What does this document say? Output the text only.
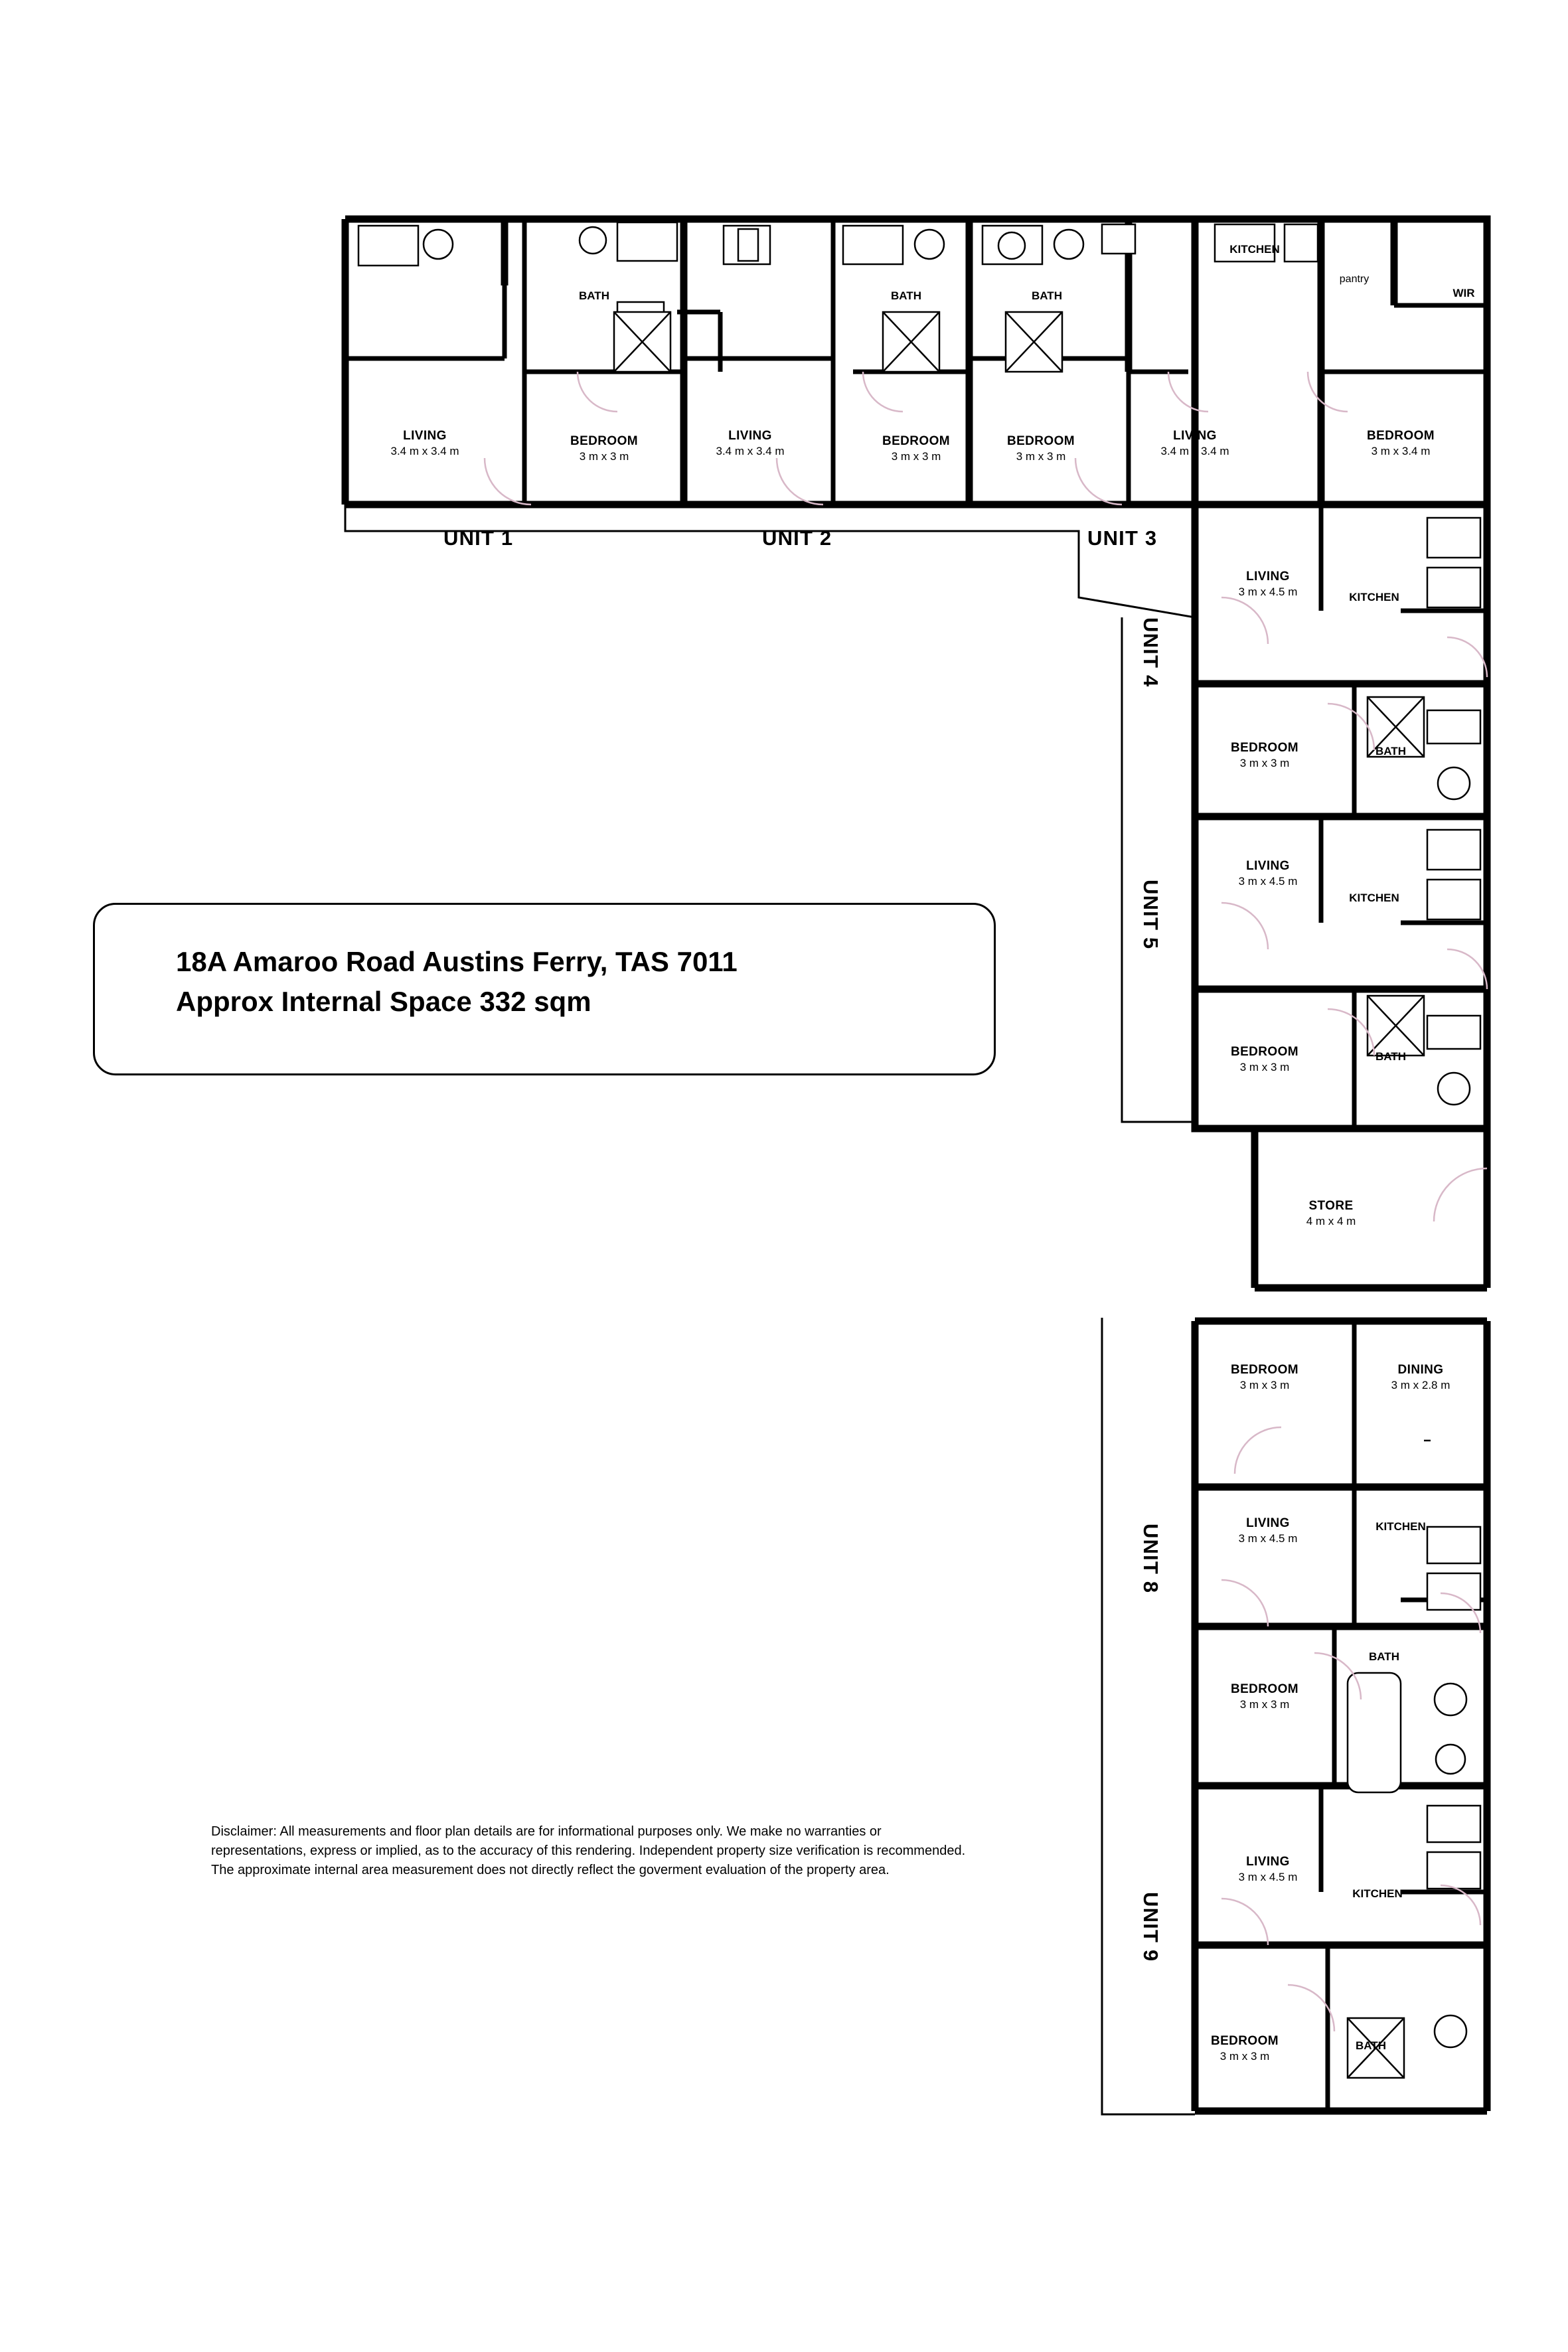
BATH
LIVING
3.4 m x 3.4 m
BEDROOM
3 m x 3 m
BATH
LIVING
3.4 m x 3.4 m
BEDROOM
3 m x 3 m
BATH
BEDROOM
3 m x 3 m
LIVING
3.4 m x 3.4 m
KITCHEN
pantry
WIR
BEDROOM
3 m x 3.4 m
LIVING
3 m x 4.5 m	KITCHEN
BEDROOM
3 m x 3 m
BATH
LIVING
3 m x 4.5 m
KITCHEN
BEDROOM
3 m x 3 m
BATH
STORE
4 m x 4 m
BEDROOM
3 m x 3 m
DINING
3 m x 2.8 m
LIVING
3 m x 4.5 m
KITCHEN
BEDROOM
3 m x 3 m
BATH
LIVING
3 m x 4.5 m
KITCHEN
BEDROOM
3 m x 3 m
BATH
UNIT 1	UNIT 2	UNIT 3
UNIT 4
UNIT 5
UNIT 8
UNIT 9
18A Amaroo Road Austins Ferry, TAS 7011
Approx Internal Space 332 sqm
Disclaimer: All measurements and floor plan details are for informational purposes only. We make no warranties or representations, express or implied, as to the accuracy of this rendering. Independent property size verification is recommended. The approximate internal area measurement does not directly reflect the goverment evaluation of the property area.
